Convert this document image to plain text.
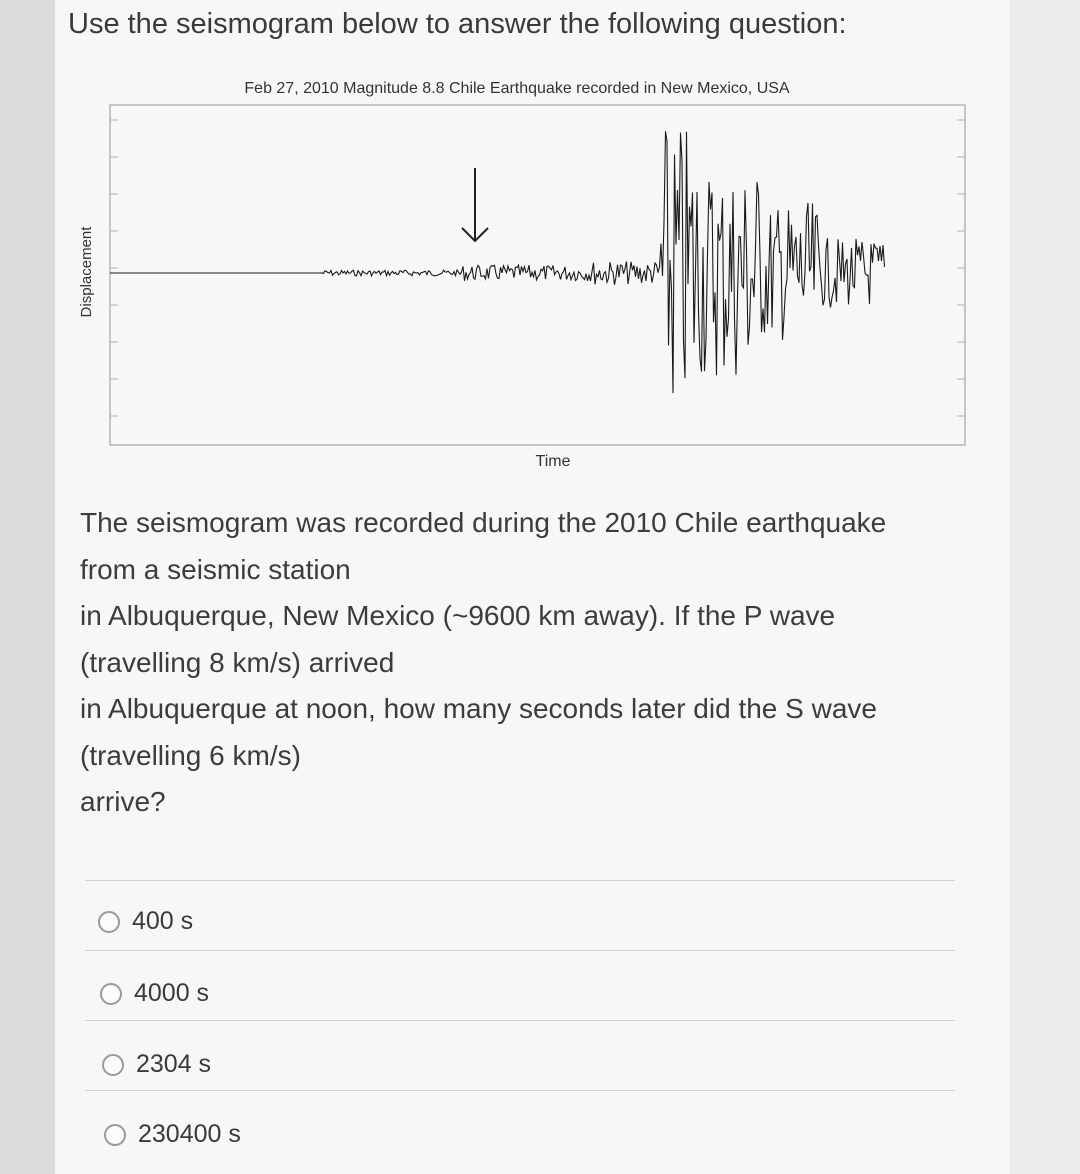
Use the seismogram below to answer the following question:
Feb 27, 2010 Magnitude 8.8 Chile Earthquake recorded in New Mexico, USA
Displacement
Time
The seismogram was recorded during the 2010 Chile earthquake
from a seismic station
in Albuquerque, New Mexico (~9600 km away). If the P wave
(travelling 8 km/s) arrived
in Albuquerque at noon, how many seconds later did the S wave
(travelling 6 km/s)
arrive?
400 s
4000 s
2304 s
230400 s
